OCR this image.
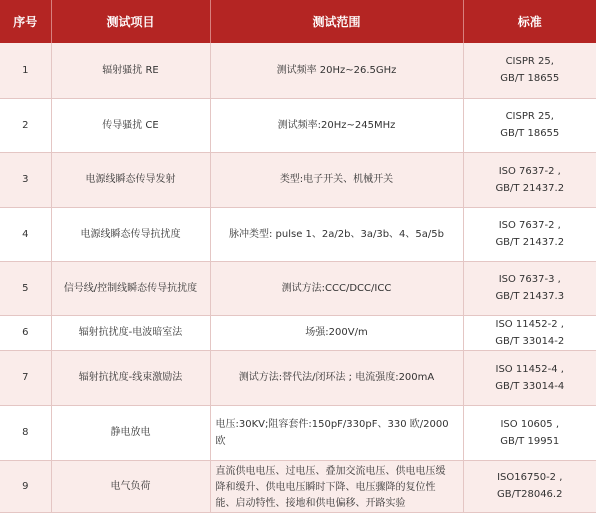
序号	测试项目	测试范围	标准
1	辐射骚扰 RE	测试频率 20Hz~26.5GHz	CISPR 25,
GB/T 18655
2	传导骚扰 CE	测试频率:20Hz~245MHz	CISPR 25,
GB/T 18655
3	电源线瞬态传导发射	类型:电子开关、机械开关	ISO 7637-2 ,
GB/T 21437.2
4	电源线瞬态传导抗扰度	脉冲类型: pulse 1、2a/2b、3a/3b、4、5a/5b	ISO 7637-2 ,
GB/T 21437.2
5	信号线/控制线瞬态传导抗扰度	测试方法:CCC/DCC/ICC	ISO 7637-3 ,
GB/T 21437.3
6	辐射抗扰度-电波暗室法	场强:200V/m	ISO 11452-2 ,
GB/T 33014-2
7	辐射抗扰度-线束激励法	测试方法:替代法/闭环法 ; 电流强度:200mA	ISO 11452-4 ,
GB/T 33014-4
8	静电放电	电压:30KV;阻容套件:150pF/330pF、330 欧/2000 欧	ISO 10605 ,
GB/T 19951
9	电气负荷	直流供电电压、过电压、叠加交流电压、供电电压缓
降和缓升、供电电压瞬时下降、电压骤降的复位性
能、启动特性、接地和供电偏移、开路实验	ISO16750-2 ,
GB/T28046.2
